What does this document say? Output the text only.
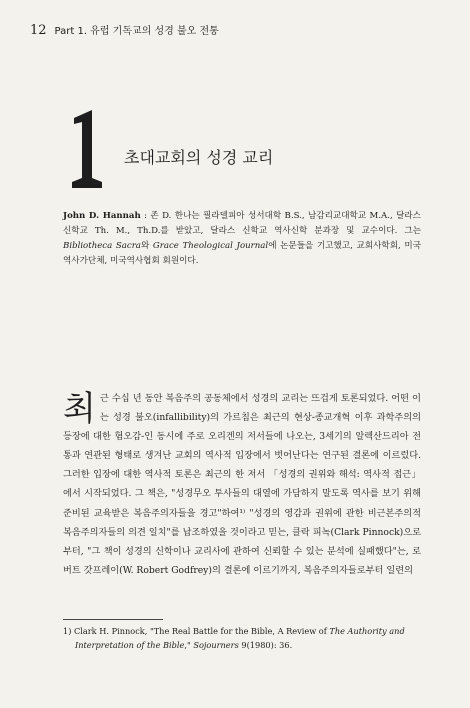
12 Part 1. 유럽 기독교의 성경 불오 전통
초대교회의 성경 교리

John D. Hannah : 존 D. 한나는 필라델피아 성서대학 B.S., 남감리교대학교 M.A., 달라스신학교 Th. M., Th.D.를 받았고, 달라스 신학교 역사신학 분과장 및 교수이다. 그는 Bibliotheca Sacra와 Grace Theological Journal에 논문들을 기고했고, 교회사학회, 미국 역사가단체, 미국역사협회 회원이다.

최근 수십 년 동안 복음주의 공동체에서 성경의 교리는 뜨겁게 토론되었다. 어떤 이는 성경 불오(infallibility)의 가르침은 최근의 현상-종교개혁 이후 과학주의의 등장에 대한 혐오감-인 동시에 주로 오리겐의 저서들에 나오는, 3세기의 알렉산드리아 전통과 연관된 형태로 생겨난 교회의 역사적 입장에서 벗어난다는 연구된 결론에 이르렀다. 그러한 입장에 대한 역사적 토론은 최근의 한 저서 「성경의 권위와 해석: 역사적 접근」에서 시작되었다. 그 책은, "성경무오 투사들의 대열에 가담하지 말도록 역사를 보기 위해 준비된 교육받은 복음주의자들을 경고"하여¹⁾ "성경의 영감과 권위에 관한 비근본주의적 복음주의자들의 의견 일치"를 납조하였을 것이라고 믿는, 클락 피녹(Clark Pinnock)으로부터, "그 책이 성경의 신학이나 교리사에 관하여 신뢰할 수 있는 분석에 실패했다"는, 로버트 갓프레이(W. Robert Godfrey)의 결론에 이르기까지, 복음주의자들로부터 일련의

1) Clark H. Pinnock, "The Real Battle for the Bible, A Review of The Authority and
Interpretation of the Bible," Sojourners 9(1980): 36.
